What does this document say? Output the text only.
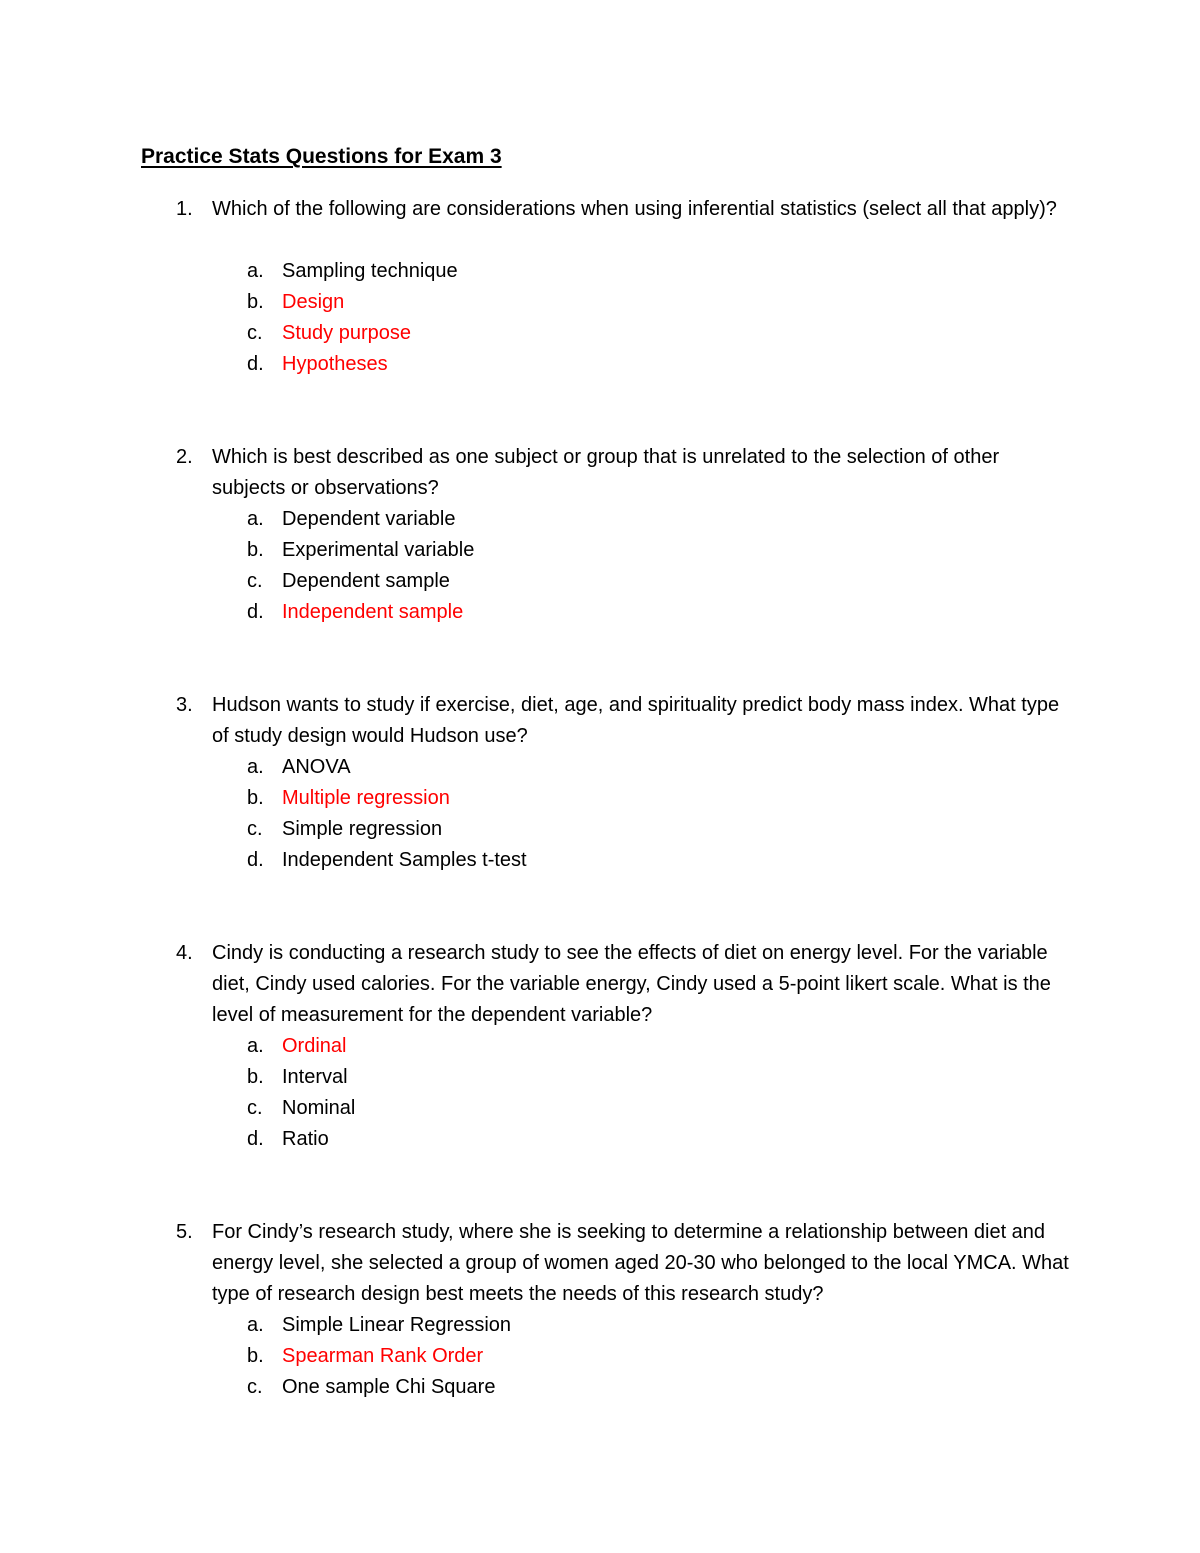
Practice Stats Questions for Exam 3
1. Which of the following are considerations when using inferential statistics (select all that apply)?
a. Sampling technique
b. Design
c. Study purpose
d. Hypotheses
2. Which is best described as one subject or group that is unrelated to the selection of other subjects or observations?
a. Dependent variable
b. Experimental variable
c. Dependent sample
d. Independent sample
3. Hudson wants to study if exercise, diet, age, and spirituality predict body mass index. What type of study design would Hudson use?
a. ANOVA
b. Multiple regression
c. Simple regression
d. Independent Samples t-test
4. Cindy is conducting a research study to see the effects of diet on energy level. For the variable diet, Cindy used calories. For the variable energy, Cindy used a 5-point likert scale. What is the level of measurement for the dependent variable?
a. Ordinal
b. Interval
c. Nominal
d. Ratio
5. For Cindy’s research study, where she is seeking to determine a relationship between diet and energy level, she selected a group of women aged 20-30 who belonged to the local YMCA. What type of research design best meets the needs of this research study?
a. Simple Linear Regression
b. Spearman Rank Order
c. One sample Chi Square
